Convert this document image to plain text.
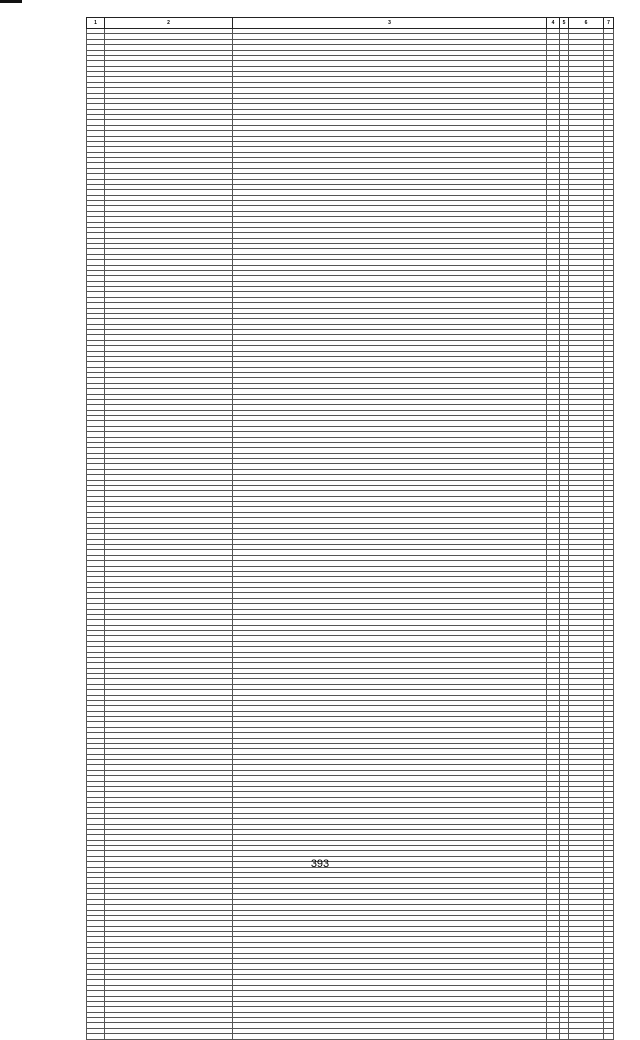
1	2	3	4	5	6	7

393
